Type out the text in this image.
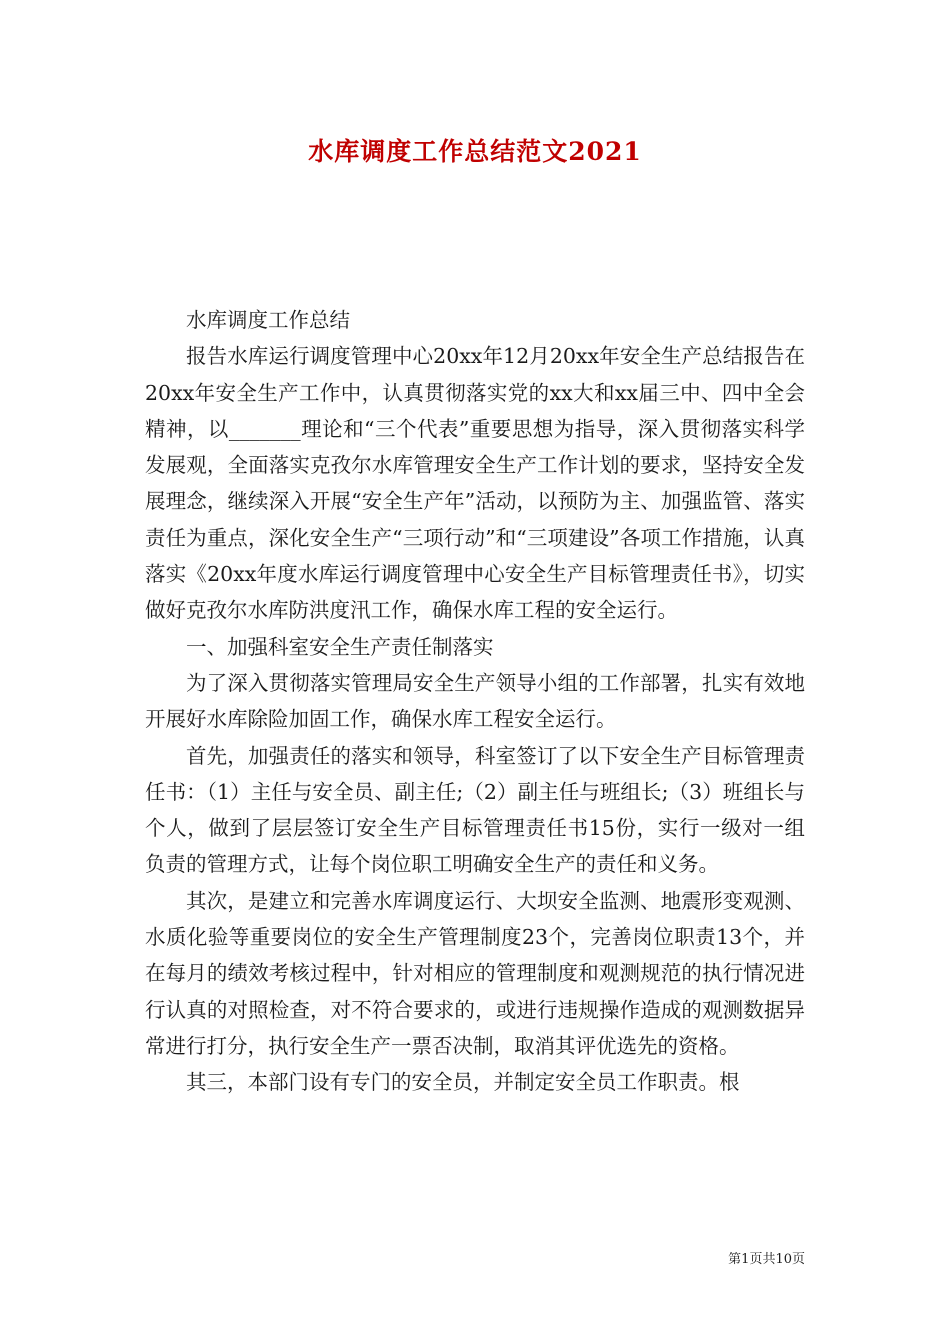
水库调度工作总结范文2021

水库调度工作总结

报告水库运行调度管理中心20xx年12月20xx年安全生产总结报告在20xx年安全生产工作中，认真贯彻落实党的xx大和xx届三中、四中全会精神，以_______理论和“三个代表”重要思想为指导，深入贯彻落实科学发展观，全面落实克孜尔水库管理安全生产工作计划的要求，坚持安全发展理念，继续深入开展“安全生产年”活动，以预防为主、加强监管、落实责任为重点，深化安全生产“三项行动”和“三项建设”各项工作措施，认真落实《20xx年度水库运行调度管理中心安全生产目标管理责任书》，切实做好克孜尔水库防洪度汛工作，确保水库工程的安全运行。

一、加强科室安全生产责任制落实

为了深入贯彻落实管理局安全生产领导小组的工作部署，扎实有效地开展好水库除险加固工作，确保水库工程安全运行。

首先，加强责任的落实和领导，科室签订了以下安全生产目标管理责任书：（1）主任与安全员、副主任;（2）副主任与班组长;（3）班组长与个人，做到了层层签订安全生产目标管理责任书15份，实行一级对一组负责的管理方式，让每个岗位职工明确安全生产的责任和义务。

其次，是建立和完善水库调度运行、大坝安全监测、地震形变观测、水质化验等重要岗位的安全生产管理制度23个，完善岗位职责13个，并在每月的绩效考核过程中，针对相应的管理制度和观测规范的执行情况进行认真的对照检查，对不符合要求的，或进行违规操作造成的观测数据异常进行打分，执行安全生产一票否决制，取消其评优选先的资格。

其三，本部门设有专门的安全员，并制定安全员工作职责。根

第1页共10页
